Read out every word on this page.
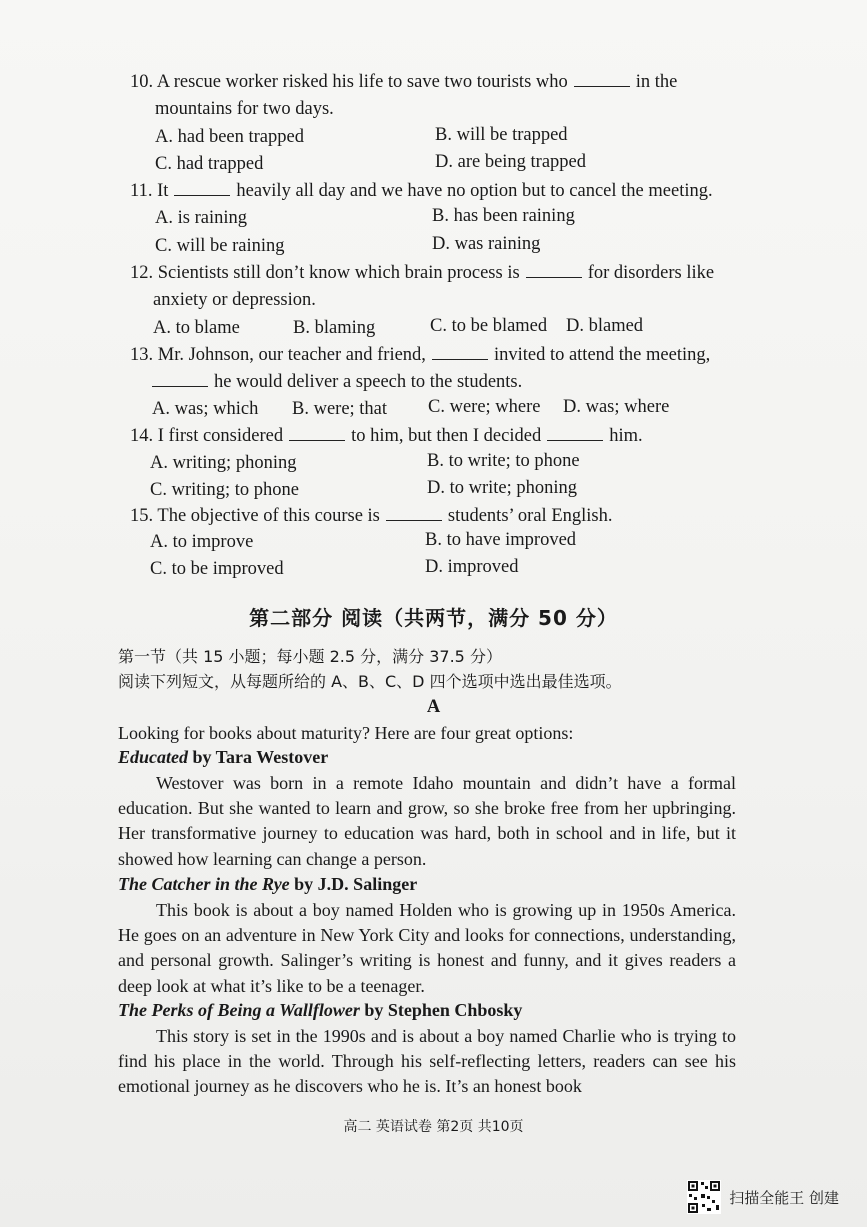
10. A rescue worker risked his life to save two tourists who	in the
mountains for two days.
A. had been trapped	B. will be trapped
C. had trapped	D. are being trapped
11. It	heavily all day and we have no option but to cancel the meeting.
A. is raining	B. has been raining
C. will be raining	D. was raining
12. Scientists still don’t know which brain process is	for disorders like
anxiety or depression.
A. to blame	B. blaming	C. to be blamed D. blamed
13. Mr. Johnson, our teacher and friend,	invited to attend the meeting,
he would deliver a speech to the students.
A. was; which B. were; that C. were; where D. was; where
14. I first considered	to him, but then I decided	him.
A. writing; phoning	B. to write; to phone
C. writing; to phone	D. to write; phoning
15. The objective of this course is	students’ oral English.
A. to improve	B. to have improved
C. to be improved	D. improved
第二部分 阅读（共两节，满分 50 分）
第一节（共 15 小题；每小题 2.5 分，满分 37.5 分）
阅读下列短文，从每题所给的 A、B、C、D 四个选项中选出最佳选项。
A
Looking for books about maturity? Here are four great options:
Educated by Tara Westover
Westover was born in a remote Idaho mountain and didn’t have a formal education. But she wanted to learn and grow, so she broke free from her upbringing. Her transformative journey to education was hard, both in school and in life, but it showed how learning can change a person.
The Catcher in the Rye by J.D. Salinger
This book is about a boy named Holden who is growing up in 1950s America. He goes on an adventure in New York City and looks for connections, understanding, and personal growth. Salinger’s writing is honest and funny, and it gives readers a deep look at what it’s like to be a teenager.
The Perks of Being a Wallflower by Stephen Chbosky
This story is set in the 1990s and is about a boy named Charlie who is trying to find his place in the world. Through his self-reflecting letters, readers can see his emotional journey as he discovers who he is. It’s an honest book
高二 英语试卷 第2页 共10页
扫描全能王 创建
